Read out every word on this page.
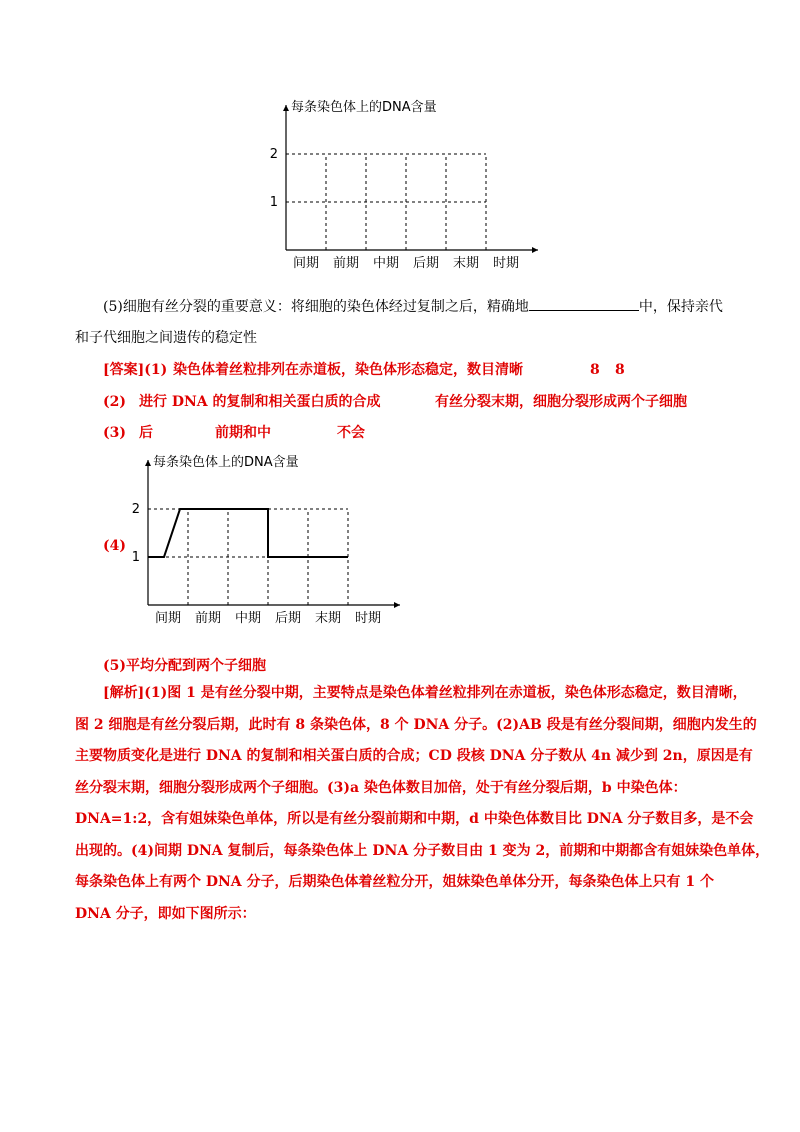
每条染色体上的DNA含量
1
2
间期 前期 中期 后期 末期 时期
(5)细胞有丝分裂的重要意义：将细胞的染色体经过复制之后，精确地	中，保持亲代
和子代细胞之间遗传的稳定性
[答案](1) 染色体着丝粒排列在赤道板，染色体形态稳定，数目清晰	8 8
(2) 进行 DNA 的复制和相关蛋白质的合成	有丝分裂末期，细胞分裂形成两个子细胞
(3) 后	前期和中	不会
(4)
每条染色体上的DNA含量
1
2
间期 前期 中期 后期 末期 时期
(5)平均分配到两个子细胞
[解析](1)图 1 是有丝分裂中期，主要特点是染色体着丝粒排列在赤道板，染色体形态稳定，数目清晰，
图 2 细胞是有丝分裂后期，此时有 8 条染色体，8 个 DNA 分子。(2)AB 段是有丝分裂间期，细胞内发生的
主要物质变化是进行 DNA 的复制和相关蛋白质的合成；CD 段核 DNA 分子数从 4n 减少到 2n，原因是有
丝分裂末期，细胞分裂形成两个子细胞。(3)a 染色体数目加倍，处于有丝分裂后期，b 中染色体：
DNA=1:2，含有姐妹染色单体，所以是有丝分裂前期和中期，d 中染色体数目比 DNA 分子数目多，是不会
出现的。(4)间期 DNA 复制后，每条染色体上 DNA 分子数目由 1 变为 2，前期和中期都含有姐妹染色单体，
每条染色体上有两个 DNA 分子，后期染色体着丝粒分开，姐妹染色单体分开，每条染色体上只有 1 个
DNA 分子，即如下图所示：
